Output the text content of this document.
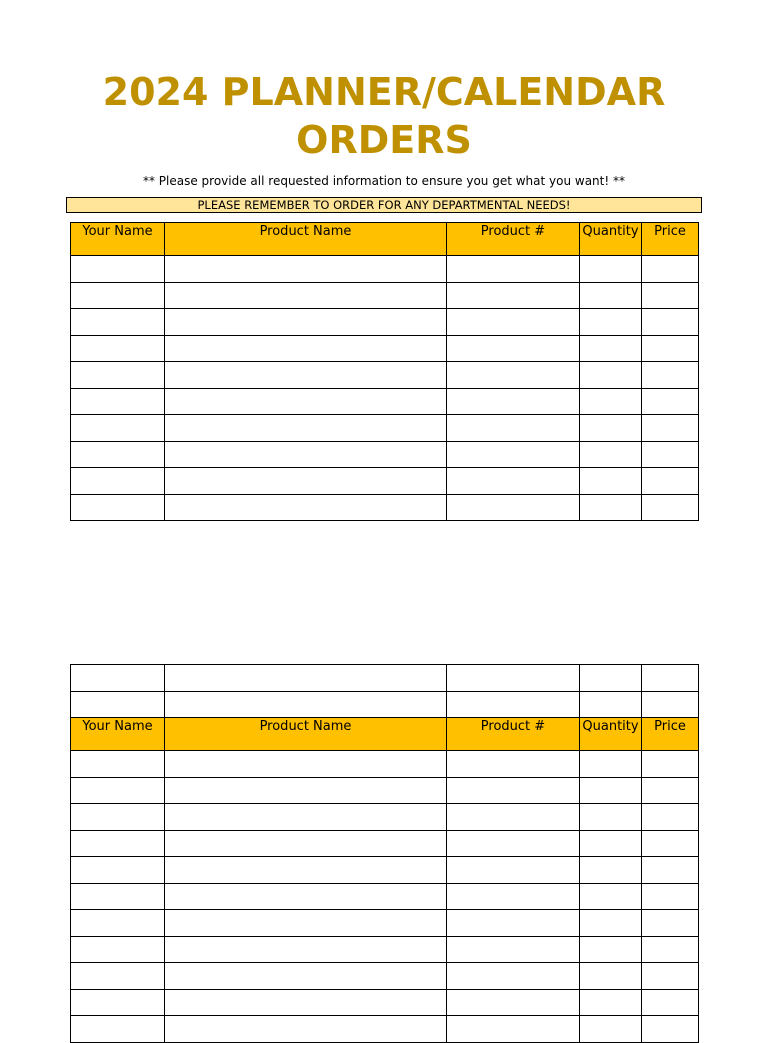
2024 PLANNER/CALENDAR
ORDERS
** Please provide all requested information to ensure you get what you want! **
PLEASE REMEMBER TO ORDER FOR ANY DEPARTMENTAL NEEDS!
Your Name	Product Name	Product #	Quantity	Price

Your Name	Product Name	Product #	Quantity	Price
